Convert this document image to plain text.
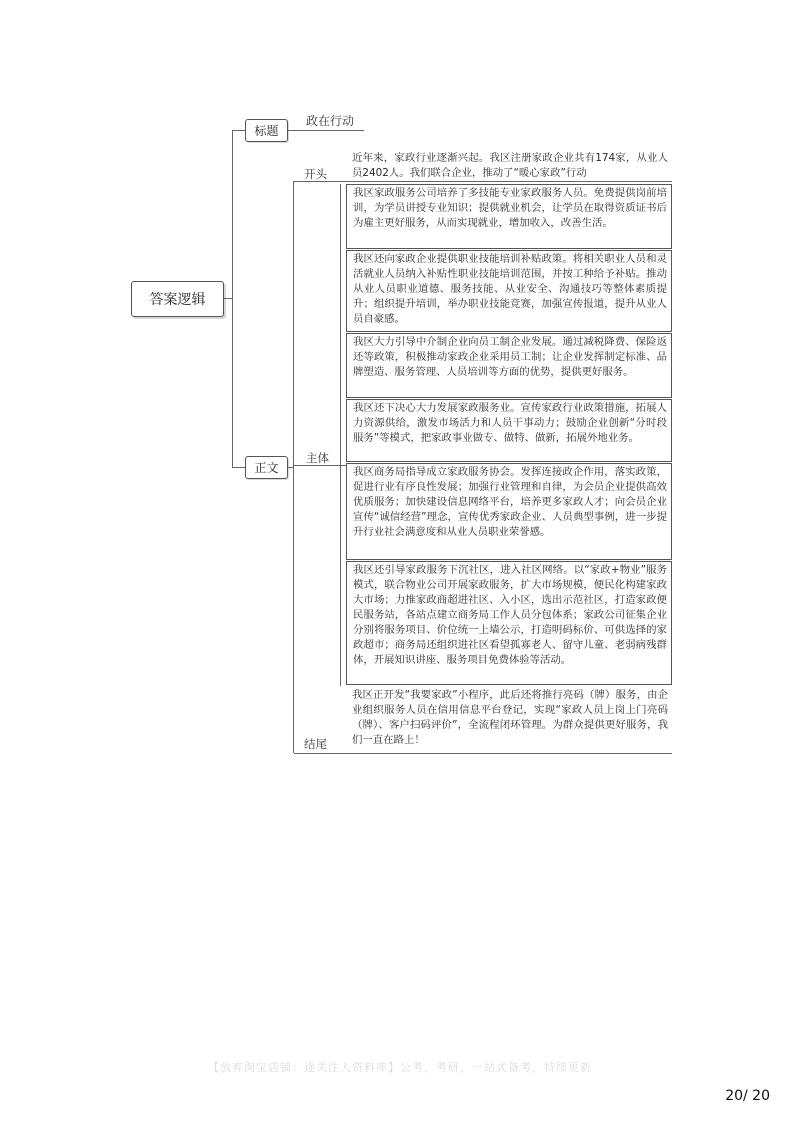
答案逻辑
标题
政在行动
正文
开头
近年来，家政行业逐渐兴起。我区注册家政企业共有174家，从业人员2402人。我们联合企业，推动了“暖心家政”行动
主体
我区家政服务公司培养了多技能专业家政服务人员。免费提供岗前培训，为学员讲授专业知识；提供就业机会，让学员在取得资质证书后为雇主更好服务，从而实现就业，增加收入，改善生活。
我区还向家政企业提供职业技能培训补贴政策。将相关职业人员和灵活就业人员纳入补贴性职业技能培训范围，并按工种给予补贴。推动从业人员职业道德、服务技能、从业安全、沟通技巧等整体素质提升；组织提升培训，举办职业技能竞赛，加强宣传报道，提升从业人员自豪感。
我区大力引导中介制企业向员工制企业发展。通过减税降费、保险返还等政策，积极推动家政企业采用员工制；让企业发挥制定标准、品牌塑造、服务管理、人员培训等方面的优势，提供更好服务。
我区还下决心大力发展家政服务业。宣传家政行业政策措施，拓展人力资源供给，激发市场活力和人员干事动力；鼓励企业创新“分时段服务”等模式，把家政事业做专、做特、做新，拓展外地业务。
我区商务局指导成立家政服务协会。发挥连接政企作用，落实政策，促进行业有序良性发展；加强行业管理和自律，为会员企业提供高效优质服务；加快建设信息网络平台，培养更多家政人才；向会员企业宣传“诚信经营”理念，宣传优秀家政企业、人员典型事例，进一步提升行业社会满意度和从业人员职业荣誉感。
我区还引导家政服务下沉社区，进入社区网络。以“家政+物业”服务模式，联合物业公司开展家政服务，扩大市场规模，便民化构建家政大市场；力推家政商超进社区、入小区，选出示范社区，打造家政便民服务站，各站点建立商务局工作人员分包体系；家政公司征集企业分别将服务项目、价位统一上墙公示，打造明码标价、可供选择的家政超市；商务局还组织进社区看望孤寡老人、留守儿童、老弱病残群体，开展知识讲座、服务项目免费体验等活动。
结尾
我区正开发“我要家政”小程序，此后还将推行亮码（牌）服务，由企业组织服务人员在信用信息平台登记，实现“家政人员上岗上门亮码（牌）、客户扫码评价”，全流程闭环管理。为群众提供更好服务，我们一直在路上！
【放弃淘宝店铺：逐关注人资料库】公考，考研，一站式备考，持续更新
20/ 20
